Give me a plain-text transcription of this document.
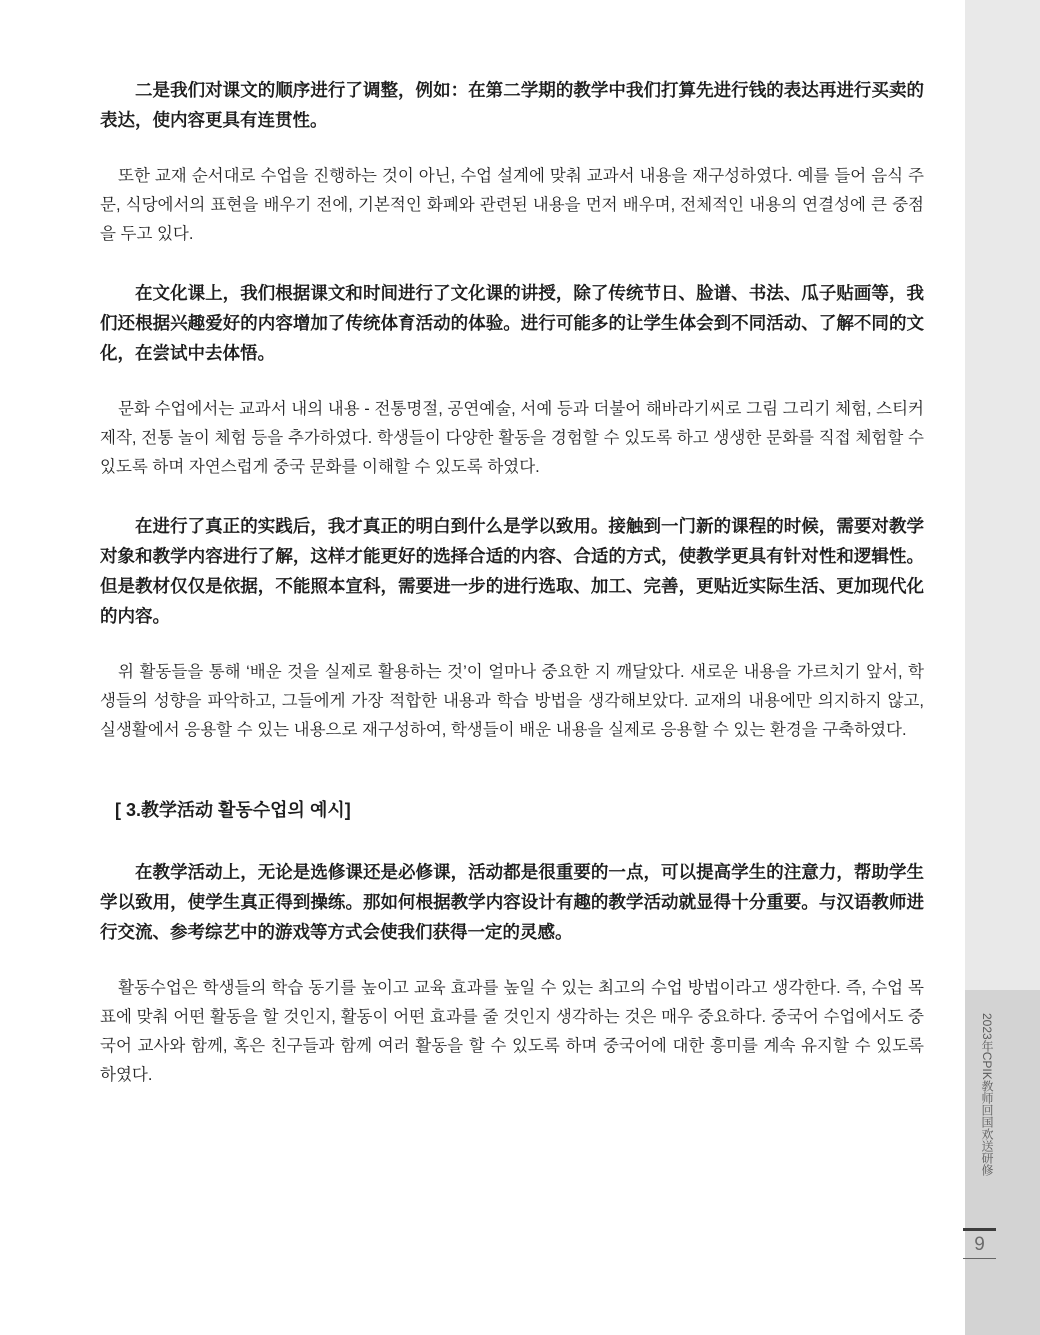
二是我们对课文的顺序进行了调整，例如：在第二学期的教学中我们打算先进行钱的表达再进行买卖的表达，使内容更具有连贯性。

또한 교재 순서대로 수업을 진행하는 것이 아닌, 수업 설계에 맞춰 교과서 내용을 재구성하였다. 예를 들어 음식 주문, 식당에서의 표현을 배우기 전에, 기본적인 화폐와 관련된 내용을 먼저 배우며, 전체적인 내용의 연결성에 큰 중점을 두고 있다.

在文化课上，我们根据课文和时间进行了文化课的讲授，除了传统节日、脸谱、书法、瓜子贴画等，我们还根据兴趣爱好的内容增加了传统体育活动的体验。进行可能多的让学生体会到不同活动、了解不同的文化，在尝试中去体悟。

문화 수업에서는 교과서 내의 내용 - 전통명절, 공연예술, 서예 등과 더불어 해바라기씨로 그림 그리기 체험, 스티커 제작, 전통 놀이 체험 등을 추가하였다. 학생들이 다양한 활동을 경험할 수 있도록 하고 생생한 문화를 직접 체험할 수 있도록 하며 자연스럽게 중국 문화를 이해할 수 있도록 하였다.

在进行了真正的实践后，我才真正的明白到什么是学以致用。接触到一门新的课程的时候，需要对教学对象和教学内容进行了解，这样才能更好的选择合适的内容、合适的方式，使教学更具有针对性和逻辑性。但是教材仅仅是依据，不能照本宣科，需要进一步的进行选取、加工、完善，更贴近实际生活、更加现代化的内容。

위 활동들을 통해 ‘배운 것을 실제로 활용하는 것’이 얼마나 중요한 지 깨달았다. 새로운 내용을 가르치기 앞서, 학생들의 성향을 파악하고, 그들에게 가장 적합한 내용과 학습 방법을 생각해보았다. 교재의 내용에만 의지하지 않고, 실생활에서 응용할 수 있는 내용으로 재구성하여, 학생들이 배운 내용을 실제로 응용할 수 있는 환경을 구축하였다.

[ 3.教学活动 활동수업의 예시]

在教学活动上，无论是选修课还是必修课，活动都是很重要的一点，可以提高学生的注意力，帮助学生学以致用，使学生真正得到操练。那如何根据教学内容设计有趣的教学活动就显得十分重要。与汉语教师进行交流、参考综艺中的游戏等方式会使我们获得一定的灵感。

활동수업은 학생들의 학습 동기를 높이고 교육 효과를 높일 수 있는 최고의 수업 방법이라고 생각한다. 즉, 수업 목표에 맞춰 어떤 활동을 할 것인지, 활동이 어떤 효과를 줄 것인지 생각하는 것은 매우 중요하다. 중국어 수업에서도 중국어 교사와 함께, 혹은 친구들과 함께 여러 활동을 할 수 있도록 하며 중국어에 대한 흥미를 계속 유지할 수 있도록 하였다.	2023年CPIK教师回国欢送研修
9
